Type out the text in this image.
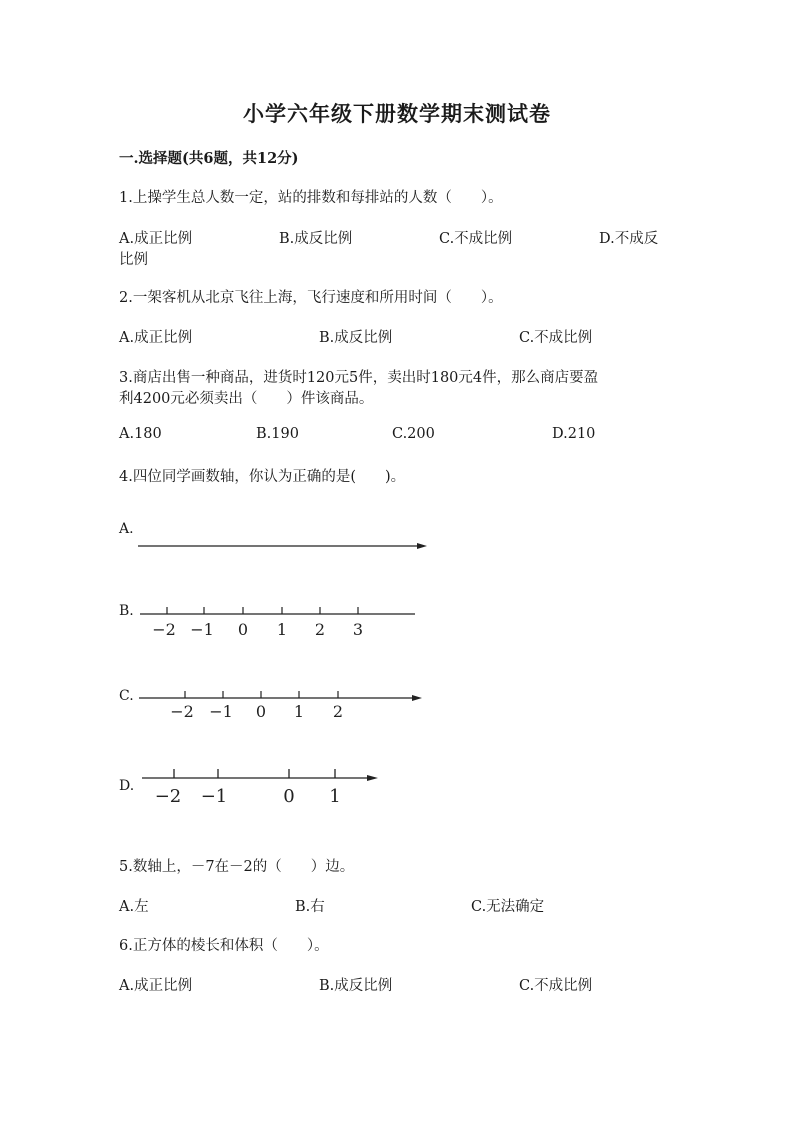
小学六年级下册数学期末测试卷
一.选择题(共6题，共12分)
1.上操学生总人数一定，站的排数和每排站的人数（　　）。
A.成正比例	B.成反比例	C.不成比例	D.不成反
比例
2.一架客机从北京飞往上海，飞行速度和所用时间（　　）。
A.成正比例	B.成反比例	C.不成比例
3.商店出售一种商品，进货时120元5件，卖出时180元4件，那么商店要盈
利4200元必须卖出（　　）件该商品。
A.180	B.190	C.200	D.210
4.四位同学画数轴，你认为正确的是(　　)。
A.
B.
−2 −1 0 1 2 3
C.
−2 −1 0 1 2
D. −2 −1	0 1
5.数轴上，－7在－2的（　　）边。
A.左	B.右	C.无法确定
6.正方体的棱长和体积（　　）。
A.成正比例	B.成反比例	C.不成比例
